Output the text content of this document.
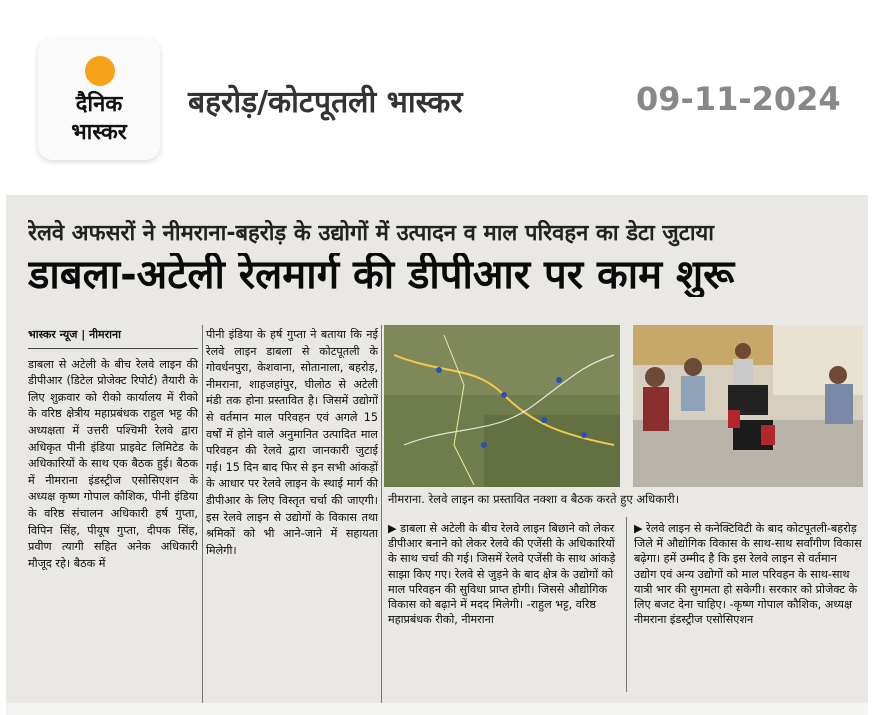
दैनिक
भास्कर
बहरोड़/कोटपूतली भास्कर	09-11-2024
रेलवे अफसरों ने नीमराना-बहरोड़ के उद्योगों में उत्पादन व माल परिवहन का डेटा जुटाया
डाबला-अटेली रेलमार्ग की डीपीआर पर काम शुरू
भास्कर न्यूज | नीमराना
डाबला से अटेली के बीच रेलवे लाइन की डीपीआर (डिटेल प्रोजेक्ट रिपोर्ट) तैयारी के लिए शुक्रवार को रीको कार्यालय में रीको के वरिष्ठ क्षेत्रीय महाप्रबंधक राहुल भट्ट की अध्यक्षता में उत्तरी पश्चिमी रेलवे द्वारा अधिकृत पीनी इंडिया प्राइवेट लिमिटेड के अधिकारियों के साथ एक बैठक हुई। बैठक में नीमराना इंडस्ट्रीज एसोसिएशन के अध्यक्ष कृष्ण गोपाल कौशिक, पीनी इंडिया के वरिष्ठ संचालन अधिकारी हर्ष गुप्ता, विपिन सिंह, पीयूष गुप्ता, दीपक सिंह, प्रवीण त्यागी सहित अनेक अधिकारी मौजूद रहे। बैठक में
पीनी इंडिया के हर्ष गुप्ता ने बताया कि नई रेलवे लाइन डाबला से कोटपूतली के गोवर्धनपुरा, केशवाना, सोतानाला, बहरोड़, नीमराना, शाहजहांपुर, घीलोठ से अटेली मंडी तक होना प्रस्तावित है। जिसमें उद्योगों से वर्तमान माल परिवहन एवं अगले 15 वर्षों में होने वाले अनुमानित उत्पादित माल परिवहन की रेलवे द्वारा जानकारी जुटाई गई। 15 दिन बाद फिर से इन सभी आंकड़ों के आधार पर रेलवे लाइन के स्थाई मार्ग की डीपीआर के लिए विस्तृत चर्चा की जाएगी। इस रेलवे लाइन से उद्योगों के विकास तथा श्रमिकों को भी आने-जाने में सहायता मिलेगी।
नीमराना. रेलवे लाइन का प्रस्तावित नक्शा व बैठक करते हुए अधिकारी।
▶ डाबला से अटेली के बीच रेलवे लाइन बिछाने को लेकर डीपीआर बनाने को लेकर रेलवे की एजेंसी के अधिकारियों के साथ चर्चा की गई। जिसमें रेलवे एजेंसी के साथ आंकड़े साझा किए गए। रेलवे से जुड़ने के बाद क्षेत्र के उद्योगों को माल परिवहन की सुविधा प्राप्त होगी। जिससे औद्योगिक विकास को बढ़ाने में मदद मिलेगी। -राहुल भट्ट, वरिष्ठ महाप्रबंधक रीको, नीमराना
▶ रेलवे लाइन से कनेक्टिविटी के बाद कोटपूतली-बहरोड़ जिले में औद्योगिक विकास के साथ-साथ सर्वांगीण विकास बढ़ेगा। हमें उम्मीद है कि इस रेलवे लाइन से वर्तमान उद्योग एवं अन्य उद्योगों को माल परिवहन के साथ-साथ यात्री भार की सुगमता हो सकेगी। सरकार को प्रोजेक्ट के लिए बजट देना चाहिए। -कृष्ण गोपाल कौशिक, अध्यक्ष नीमराना इंडस्ट्रीज एसोसिएशन
